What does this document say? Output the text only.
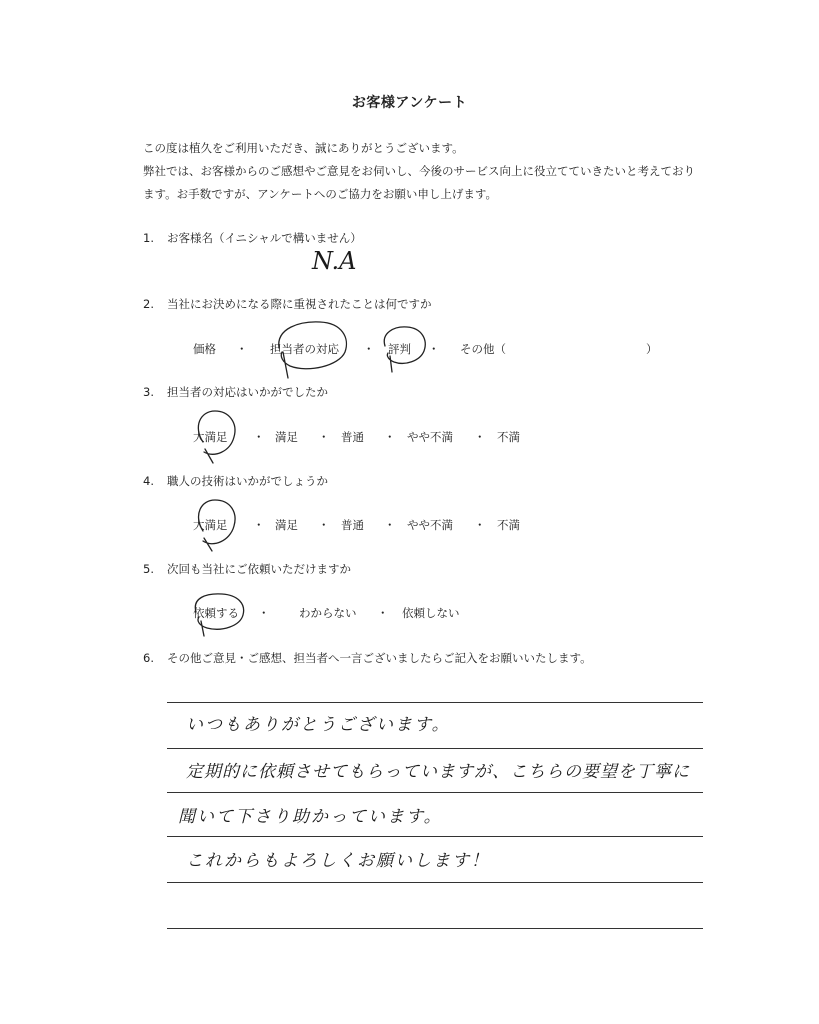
お客様アンケート
この度は植久をご利用いただき、誠にありがとうございます。
弊社では、お客様からのご感想やご意見をお伺いし、今後のサービス向上に役立てていきたいと考えており
ます。お手数ですが、アンケートへのご協力をお願い申し上げます。
1. お客様名（イニシャルで構いません）
N.A
2. 当社にお決めになる際に重視されたことは何ですか
価格 ・ 担当者の対応 ・ 評判 ・ その他（	）
3. 担当者の対応はいかがでしたか
大満足 ・ 満足 ・ 普通 ・ やや不満 ・ 不満
4. 職人の技術はいかがでしょうか
大満足 ・ 満足 ・ 普通 ・ やや不満 ・ 不満
5. 次回も当社にご依頼いただけますか
依頼する ・	わからない ・ 依頼しない
6. その他ご意見・ご感想、担当者へ一言ございましたらご記入をお願いいたします。
いつもありがとうございます。
定期的に依頼させてもらっていますが、こちらの要望を丁寧に
聞いて下さり助かっています。
これからもよろしくお願いします！
